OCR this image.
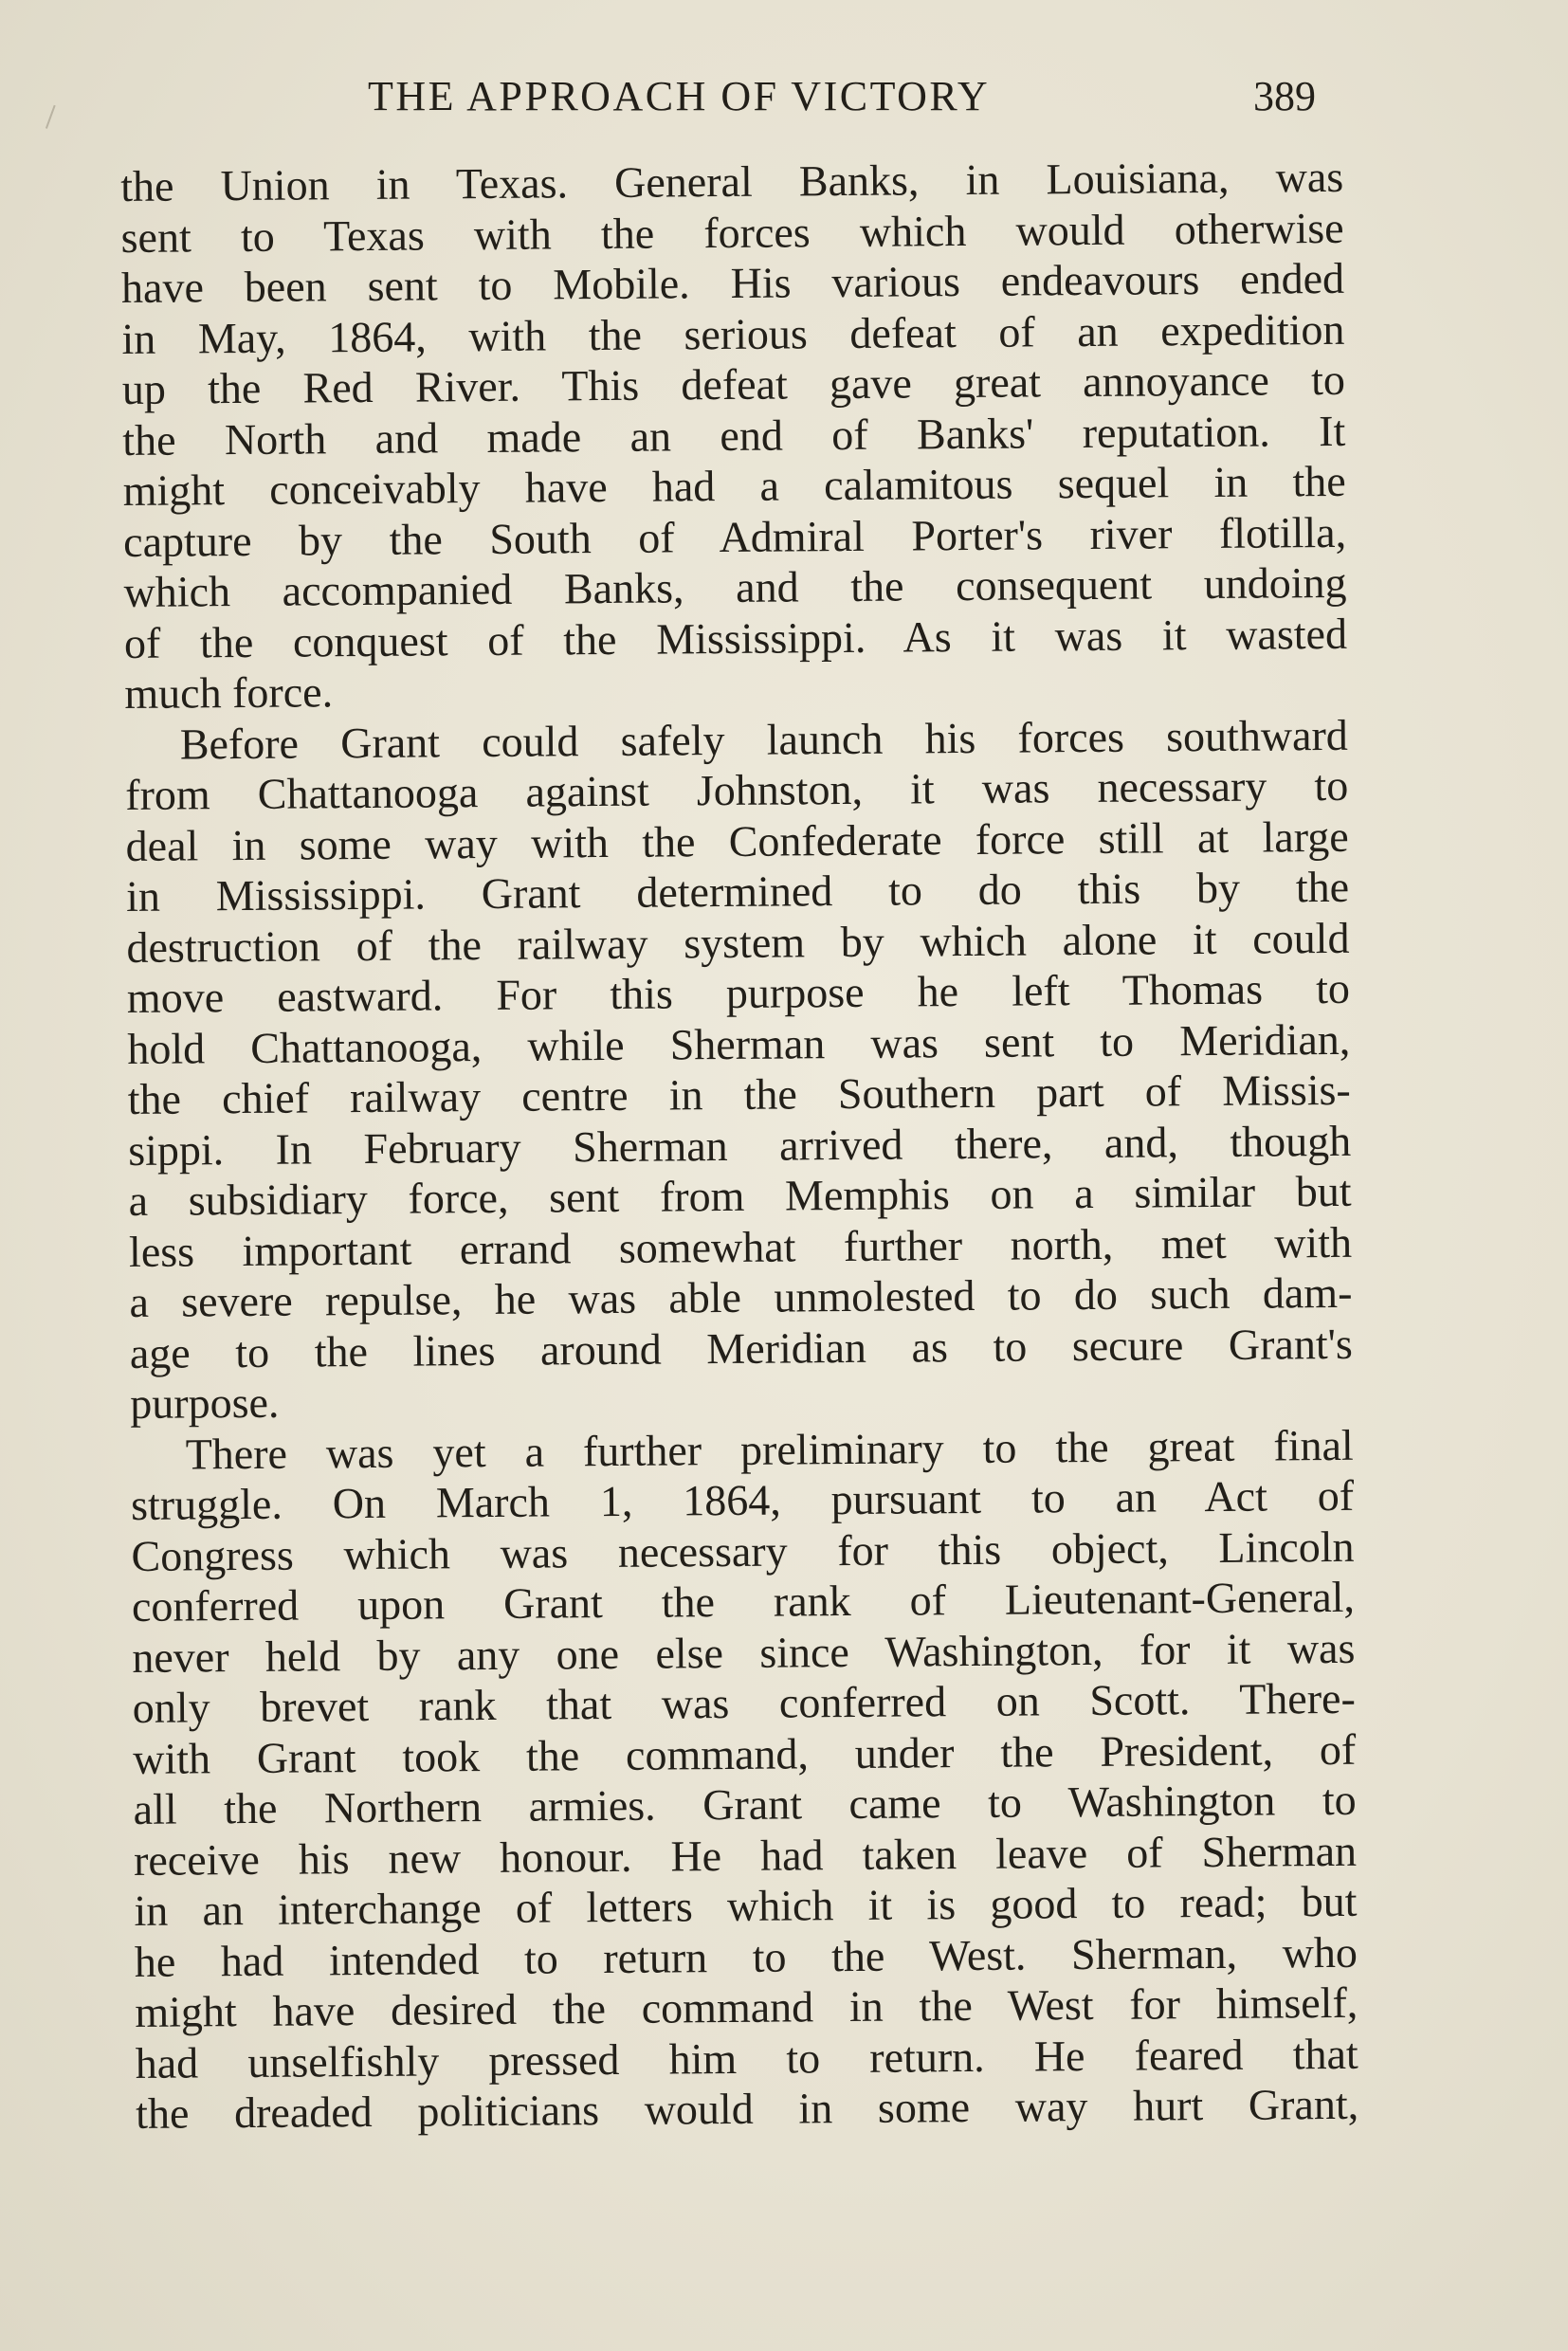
THE APPROACH OF VICTORY	389
the Union in Texas. General Banks, in Louisiana, was
sent to Texas with the forces which would otherwise
have been sent to Mobile. His various endeavours ended
in May, 1864, with the serious defeat of an expedition
up the Red River. This defeat gave great annoyance to
the North and made an end of Banks' reputation. It
might conceivably have had a calamitous sequel in the
capture by the South of Admiral Porter's river flotilla,
which accompanied Banks, and the consequent undoing
of the conquest of the Mississippi. As it was it wasted
much force.
Before Grant could safely launch his forces southward
from Chattanooga against Johnston, it was necessary to
deal in some way with the Confederate force still at large
in Mississippi. Grant determined to do this by the
destruction of the railway system by which alone it could
move eastward. For this purpose he left Thomas to
hold Chattanooga, while Sherman was sent to Meridian,
the chief railway centre in the Southern part of Missis-
sippi. In February Sherman arrived there, and, though
a subsidiary force, sent from Memphis on a similar but
less important errand somewhat further north, met with
a severe repulse, he was able unmolested to do such dam-
age to the lines around Meridian as to secure Grant's
purpose.
There was yet a further preliminary to the great final
struggle. On March 1, 1864, pursuant to an Act of
Congress which was necessary for this object, Lincoln
conferred upon Grant the rank of Lieutenant-General,
never held by any one else since Washington, for it was
only brevet rank that was conferred on Scott. There-
with Grant took the command, under the President, of
all the Northern armies. Grant came to Washington to
receive his new honour. He had taken leave of Sherman
in an interchange of letters which it is good to read; but
he had intended to return to the West. Sherman, who
might have desired the command in the West for himself,
had unselfishly pressed him to return. He feared that
the dreaded politicians would in some way hurt Grant,
